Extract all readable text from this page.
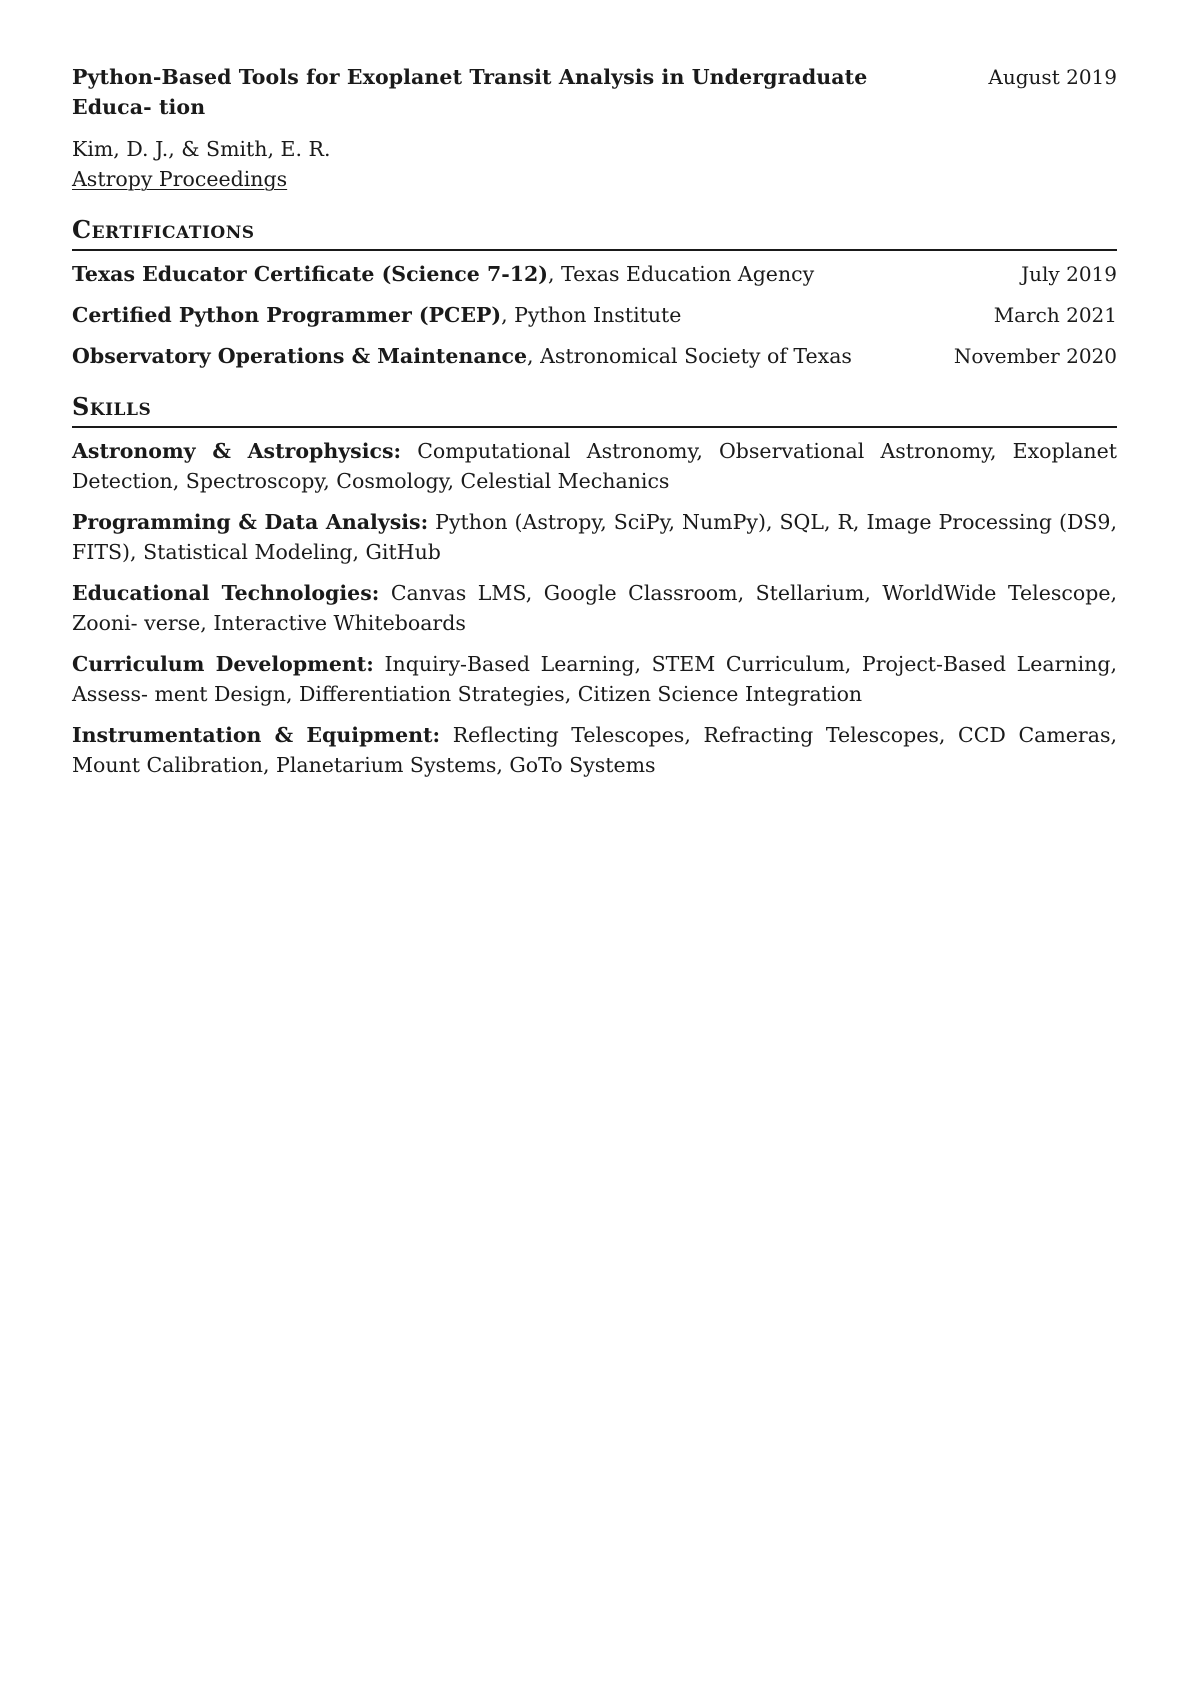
Python-Based Tools for Exoplanet Transit Analysis in Undergraduate Educa- tion
August 2019
Kim, D. J., & Smith, E. R.
Astropy Proceedings
Certifications
Texas Educator Certificate (Science 7-12), Texas Education Agency	July 2019
Certified Python Programmer (PCEP), Python Institute	March 2021
Observatory Operations & Maintenance, Astronomical Society of Texas	November 2020
Skills
Astronomy & Astrophysics: Computational Astronomy, Observational Astronomy, Exoplanet Detection, Spectroscopy, Cosmology, Celestial Mechanics
Programming & Data Analysis: Python (Astropy, SciPy, NumPy), SQL, R, Image Processing (DS9, FITS), Statistical Modeling, GitHub
Educational Technologies: Canvas LMS, Google Classroom, Stellarium, WorldWide Telescope, Zooni- verse, Interactive Whiteboards
Curriculum Development: Inquiry-Based Learning, STEM Curriculum, Project-Based Learning, Assess- ment Design, Differentiation Strategies, Citizen Science Integration
Instrumentation & Equipment: Reflecting Telescopes, Refracting Telescopes, CCD Cameras, Mount Calibration, Planetarium Systems, GoTo Systems
